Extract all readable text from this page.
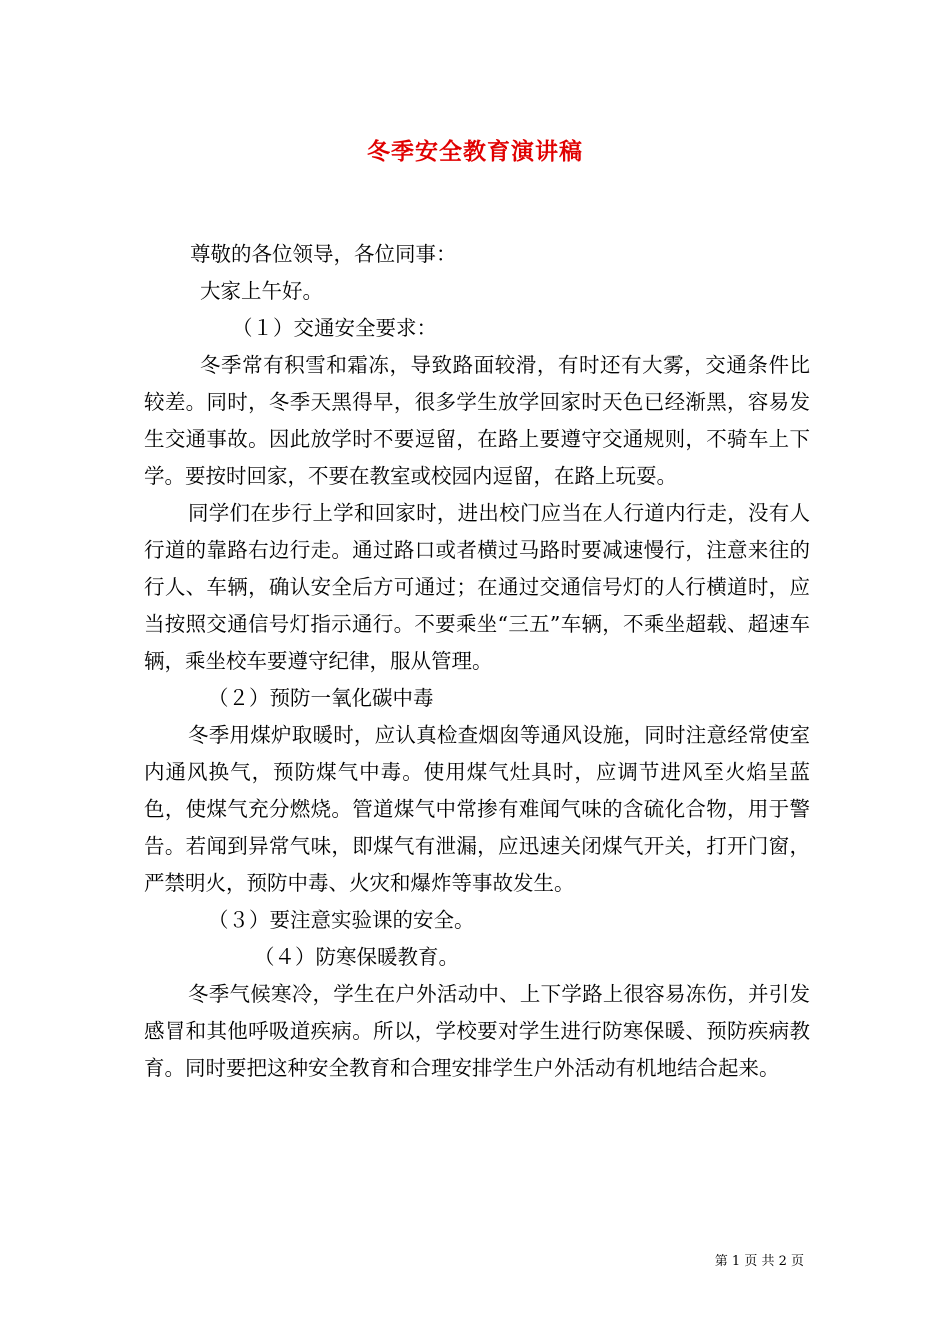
冬季安全教育演讲稿

尊敬的各位领导，各位同事：

大家上午好。

（１）交通安全要求：

冬季常有积雪和霜冻，导致路面较滑，有时还有大雾，交通条件比较差。同时，冬季天黑得早，很多学生放学回家时天色已经渐黑，容易发生交通事故。因此放学时不要逗留，在路上要遵守交通规则，不骑车上下学。要按时回家，不要在教室或校园内逗留，在路上玩耍。

同学们在步行上学和回家时，进出校门应当在人行道内行走，没有人行道的靠路右边行走。通过路口或者横过马路时要减速慢行，注意来往的行人、车辆，确认安全后方可通过；在通过交通信号灯的人行横道时，应当按照交通信号灯指示通行。不要乘坐“三五”车辆，不乘坐超载、超速车辆，乘坐校车要遵守纪律，服从管理。

（２）预防一氧化碳中毒

冬季用煤炉取暖时，应认真检查烟囱等通风设施，同时注意经常使室内通风换气，预防煤气中毒。使用煤气灶具时，应调节进风至火焰呈蓝色，使煤气充分燃烧。管道煤气中常掺有难闻气味的含硫化合物，用于警告。若闻到异常气味，即煤气有泄漏，应迅速关闭煤气开关，打开门窗，严禁明火，预防中毒、火灾和爆炸等事故发生。

（３）要注意实验课的安全。

（４）防寒保暖教育。

冬季气候寒冷，学生在户外活动中、上下学路上很容易冻伤，并引发感冒和其他呼吸道疾病。所以，学校要对学生进行防寒保暖、预防疾病教育。同时要把这种安全教育和合理安排学生户外活动有机地结合起来。

第 1 页 共 2 页
